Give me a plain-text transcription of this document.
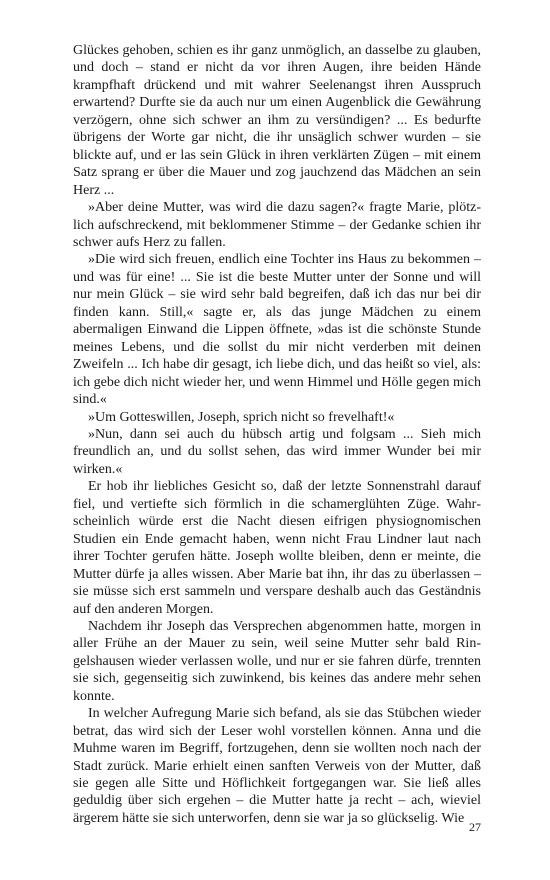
Glückes gehoben, schien es ihr ganz unmöglich, an dasselbe zu glauben, und doch – stand er nicht da vor ihren Augen, ihre beiden Hände krampfhaft drückend und mit wahrer Seelenangst ihren Ausspruch erwartend? Durfte sie da auch nur um einen Augenblick die Gewährung verzögern, ohne sich schwer an ihm zu versündigen? ... Es bedurfte übrigens der Worte gar nicht, die ihr unsäglich schwer wurden – sie blickte auf, und er las sein Glück in ihren verklärten Zügen – mit einem Satz sprang er über die Mauer und zog jauchzend das Mädchen an sein Herz ...

»Aber deine Mutter, was wird die dazu sagen?« fragte Marie, plötzlich aufschreckend, mit beklommener Stimme – der Gedanke schien ihr schwer aufs Herz zu fallen.

»Die wird sich freuen, endlich eine Tochter ins Haus zu bekommen – und was für eine! ... Sie ist die beste Mutter unter der Sonne und will nur mein Glück – sie wird sehr bald begreifen, daß ich das nur bei dir finden kann. Still,« sagte er, als das junge Mädchen zu einem abermaligen Einwand die Lippen öffnete, »das ist die schönste Stunde meines Lebens, und die sollst du mir nicht verderben mit deinen Zweifeln ... Ich habe dir gesagt, ich liebe dich, und das heißt so viel, als: ich gebe dich nicht wieder her, und wenn Himmel und Hölle gegen mich sind.«

»Um Gotteswillen, Joseph, sprich nicht so frevelhaft!«

»Nun, dann sei auch du hübsch artig und folgsam ... Sieh mich freundlich an, und du sollst sehen, das wird immer Wunder bei mir wirken.«

Er hob ihr liebliches Gesicht so, daß der letzte Sonnenstrahl darauf fiel, und vertiefte sich förmlich in die schamerglühten Züge. Wahrscheinlich würde erst die Nacht diesen eifrigen physiognomischen Studien ein Ende gemacht haben, wenn nicht Frau Lindner laut nach ihrer Tochter gerufen hätte. Joseph wollte bleiben, denn er meinte, die Mutter dürfe ja alles wissen. Aber Marie bat ihn, ihr das zu überlassen – sie müsse sich erst sammeln und verspare deshalb auch das Geständnis auf den anderen Morgen.

Nachdem ihr Joseph das Versprechen abgenommen hatte, morgen in aller Frühe an der Mauer zu sein, weil seine Mutter sehr bald Ringelshausen wieder verlassen wolle, und nur er sie fahren dürfe, trennten sie sich, gegenseitig sich zuwinkend, bis keines das andere mehr sehen konnte.

In welcher Aufregung Marie sich befand, als sie das Stübchen wieder betrat, das wird sich der Leser wohl vorstellen können. Anna und die Muhme waren im Begriff, fortzugehen, denn sie wollten noch nach der Stadt zurück. Marie erhielt einen sanften Verweis von der Mutter, daß sie gegen alle Sitte und Höflichkeit fortgegangen war. Sie ließ alles geduldig über sich ergehen – die Mutter hatte ja recht – ach, wieviel ärgerem hätte sie sich unterworfen, denn sie war ja so glückselig. Wie

27
